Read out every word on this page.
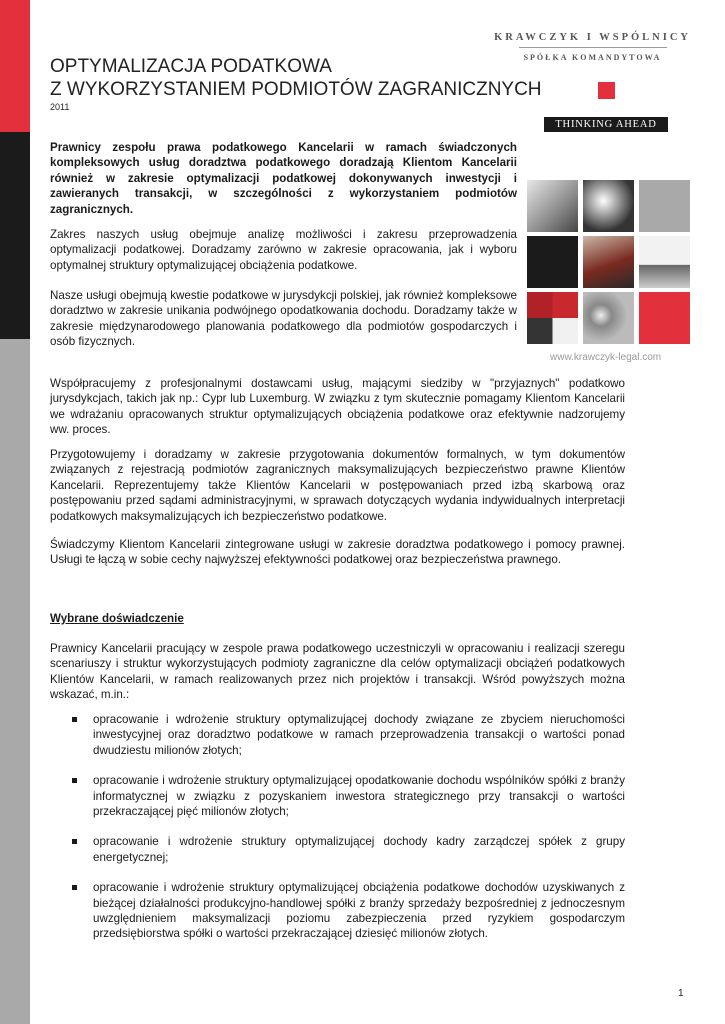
KRAWCZYK I WSPÓLNICY
SPÓŁKA KOMANDYTOWA
THINKING AHEAD
www.krawczyk-legal.com
OPTYMALIZACJA PODATKOWA
Z WYKORZYSTANIEM PODMIOTÓW ZAGRANICZNYCH
2011

Prawnicy zespołu prawa podatkowego Kancelarii w ramach świadczonych kompleksowych usług doradztwa podatkowego doradzają Klientom Kancelarii również w zakresie optymalizacji podatkowej dokonywanych inwestycji i zawieranych transakcji, w szczególności z wykorzystaniem podmiotów zagranicznych.

Zakres naszych usług obejmuje analizę możliwości i zakresu przeprowadzenia optymalizacji podatkowej. Doradzamy zarówno w zakresie opracowania, jak i wyboru optymalnej struktury optymalizującej obciążenia podatkowe.

Nasze usługi obejmują kwestie podatkowe w jurysdykcji polskiej, jak również kompleksowe doradztwo w zakresie unikania podwójnego opodatkowania dochodu. Doradzamy także w zakresie międzynarodowego planowania podatkowego dla podmiotów gospodarczych i osób fizycznych.

Współpracujemy z profesjonalnymi dostawcami usług, mającymi siedziby w "przyjaznych" podatkowo jurysdykcjach, takich jak np.: Cypr lub Luxemburg. W związku z tym skutecznie pomagamy Klientom Kancelarii we wdrażaniu opracowanych struktur optymalizujących obciążenia podatkowe oraz efektywnie nadzorujemy ww. proces.

Przygotowujemy i doradzamy w zakresie przygotowania dokumentów formalnych, w tym dokumentów związanych z rejestracją podmiotów zagranicznych maksymalizujących bezpieczeństwo prawne Klientów Kancelarii. Reprezentujemy także Klientów Kancelarii w postępowaniach przed izbą skarbową oraz postępowaniu przed sądami administracyjnymi, w sprawach dotyczących wydania indywidualnych interpretacji podatkowych maksymalizujących ich bezpieczeństwo podatkowe.

Świadczymy Klientom Kancelarii zintegrowane usługi w zakresie doradztwa podatkowego i pomocy prawnej. Usługi te łączą w sobie cechy najwyższej efektywności podatkowej oraz bezpieczeństwa prawnego.

Wybrane doświadczenie

Prawnicy Kancelarii pracujący w zespole prawa podatkowego uczestniczyli w opracowaniu i realizacji szeregu scenariuszy i struktur wykorzystujących podmioty zagraniczne dla celów optymalizacji obciążeń podatkowych Klientów Kancelarii, w ramach realizowanych przez nich projektów i transakcji. Wśród powyższych można wskazać, m.in.:

opracowanie i wdrożenie struktury optymalizującej dochody związane ze zbyciem nieruchomości inwestycyjnej oraz doradztwo podatkowe w ramach przeprowadzenia transakcji o wartości ponad dwudziestu milionów złotych;
opracowanie i wdrożenie struktury optymalizującej opodatkowanie dochodu wspólników spółki z branży informatycznej w związku z pozyskaniem inwestora strategicznego przy transakcji o wartości przekraczającej pięć milionów złotych;
opracowanie i wdrożenie struktury optymalizującej dochody kadry zarządczej spółek z grupy energetycznej;
opracowanie i wdrożenie struktury optymalizującej obciążenia podatkowe dochodów uzyskiwanych z bieżącej działalności produkcyjno-handlowej spółki z branży sprzedaży bezpośredniej z jednoczesnym uwzględnieniem maksymalizacji poziomu zabezpieczenia przed ryzykiem gospodarczym przedsiębiorstwa spółki o wartości przekraczającej dziesięć milionów złotych.
1
